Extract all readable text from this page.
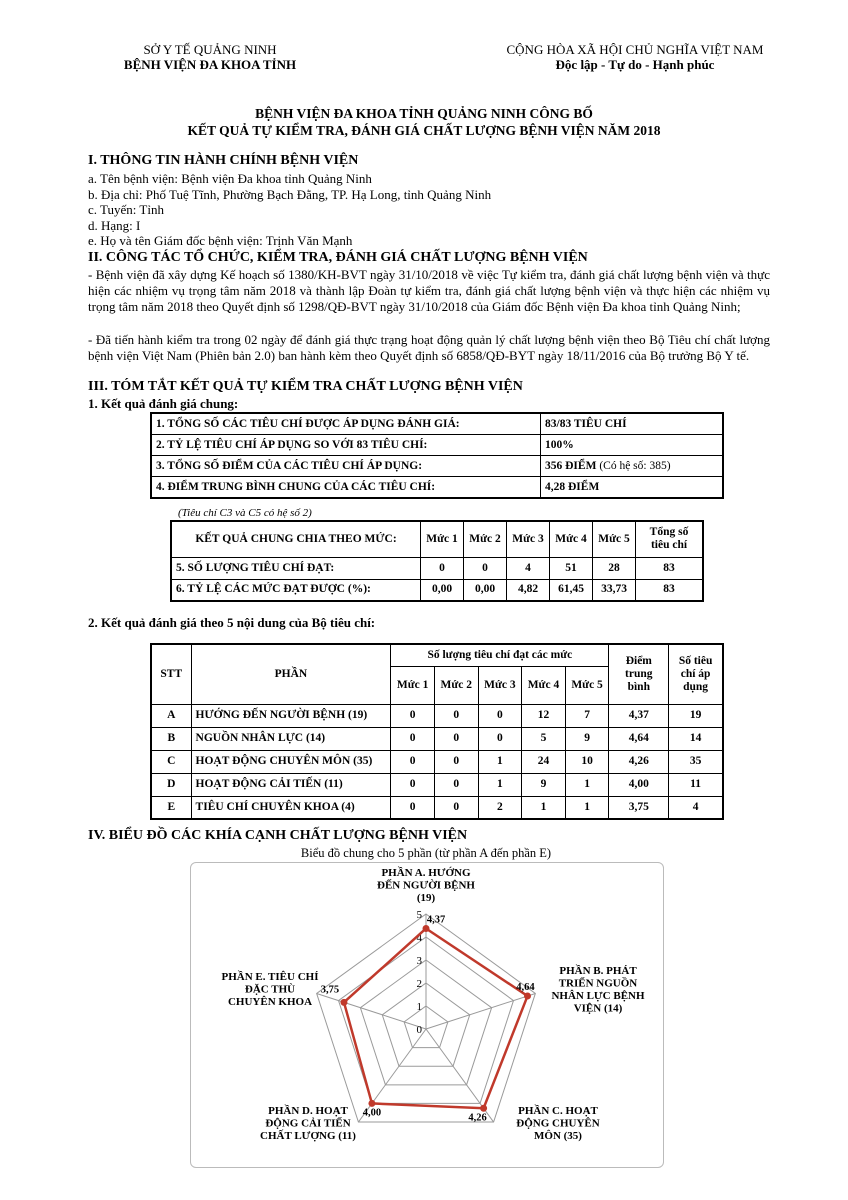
SỞ Y TẾ QUẢNG NINH
BỆNH VIỆN ĐA KHOA TỈNH
CỘNG HÒA XÃ HỘI CHỦ NGHĨA VIỆT NAM
Độc lập - Tự do - Hạnh phúc
BỆNH VIỆN ĐA KHOA TỈNH QUẢNG NINH CÔNG BỐ
KẾT QUẢ TỰ KIỂM TRA, ĐÁNH GIÁ CHẤT LƯỢNG BỆNH VIỆN NĂM 2018
I. THÔNG TIN HÀNH CHÍNH BỆNH VIỆN
a. Tên bệnh viện: Bệnh viện Đa khoa tỉnh Quảng Ninh
b. Địa chỉ: Phố Tuệ Tĩnh, Phường Bạch Đằng, TP. Hạ Long, tỉnh Quảng Ninh
c. Tuyến: Tỉnh
d. Hạng: I
e. Họ và tên Giám đốc bệnh viện: Trịnh Văn Mạnh
II. CÔNG TÁC TỔ CHỨC, KIỂM TRA, ĐÁNH GIÁ CHẤT LƯỢNG BỆNH VIỆN
- Bệnh viện đã xây dựng Kế hoạch số 1380/KH-BVT ngày 31/10/2018 về việc Tự kiểm tra, đánh giá chất lượng bệnh viện và thực hiện các nhiệm vụ trọng tâm năm 2018 và thành lập Đoàn tự kiểm tra, đánh giá chất lượng bệnh viện và thực hiện các nhiệm vụ trọng tâm năm 2018 theo Quyết định số 1298/QĐ-BVT ngày 31/10/2018 của Giám đốc Bệnh viện Đa khoa tỉnh Quảng Ninh;
- Đã tiến hành kiểm tra trong 02 ngày để đánh giá thực trạng hoạt động quản lý chất lượng bệnh viện theo Bộ Tiêu chí chất lượng bệnh viện Việt Nam (Phiên bản 2.0) ban hành kèm theo Quyết định số 6858/QĐ-BYT ngày 18/11/2016 của Bộ trưởng Bộ Y tế.
III. TÓM TẮT KẾT QUẢ TỰ KIỂM TRA CHẤT LƯỢNG BỆNH VIỆN
1. Kết quả đánh giá chung:
1. TỔNG SỐ CÁC TIÊU CHÍ ĐƯỢC ÁP DỤNG ĐÁNH GIÁ:	83/83 TIÊU CHÍ
2. TỶ LỆ TIÊU CHÍ ÁP DỤNG SO VỚI 83 TIÊU CHÍ:	100%
3. TỔNG SỐ ĐIỂM CỦA CÁC TIÊU CHÍ ÁP DỤNG:	356 ĐIỂM (Có hệ số: 385)
4. ĐIỂM TRUNG BÌNH CHUNG CỦA CÁC TIÊU CHÍ:	4,28 ĐIỂM
(Tiêu chí C3 và C5 có hệ số 2)
KẾT QUẢ CHUNG CHIA THEO MỨC:	Mức 1	Mức 2	Mức 3	Mức 4	Mức 5	Tổng số tiêu chí
5. SỐ LƯỢNG TIÊU CHÍ ĐẠT:	0	0	4	51	28	83
6. TỶ LỆ CÁC MỨC ĐẠT ĐƯỢC (%):	0,00	0,00	4,82	61,45	33,73	83
2. Kết quả đánh giá theo 5 nội dung của Bộ tiêu chí:
STT	PHẦN	Số lượng tiêu chí đạt các mức					Điểm trung bình	Số tiêu chí áp dụng
		Mức 1	Mức 2	Mức 3	Mức 4	Mức 5		
A	HƯỚNG ĐẾN NGƯỜI BỆNH (19)	0	0	0	12	7	4,37	19
B	NGUỒN NHÂN LỰC (14)	0	0	0	5	9	4,64	14
C	HOẠT ĐỘNG CHUYÊN MÔN (35)	0	0	1	24	10	4,26	35
D	HOẠT ĐỘNG CẢI TIẾN (11)	0	0	1	9	1	4,00	11
E	TIÊU CHÍ CHUYÊN KHOA (4)	0	0	2	1	1	3,75	4
IV. BIỂU ĐỒ CÁC KHÍA CẠNH CHẤT LƯỢNG BỆNH VIỆN
Biểu đồ chung cho 5 phần (từ phần A đến phần E)
0
1
2
3
4
5 4,37
4,64
4,26
4,00
3,75
PHẦN A. HƯỚNG ĐẾN NGƯỜI BỆNH (19)
PHẦN B. PHÁT TRIỂN NGUỒN NHÂN LỰC BỆNH VIỆN (14)
PHẦN C. HOẠT ĐỘNG CHUYÊN MÔN (35)
PHẦN D. HOẠT ĐỘNG CẢI TIẾN CHẤT LƯỢNG (11)
PHẦN E. TIÊU CHÍ ĐẶC THÙ CHUYÊN KHOA
